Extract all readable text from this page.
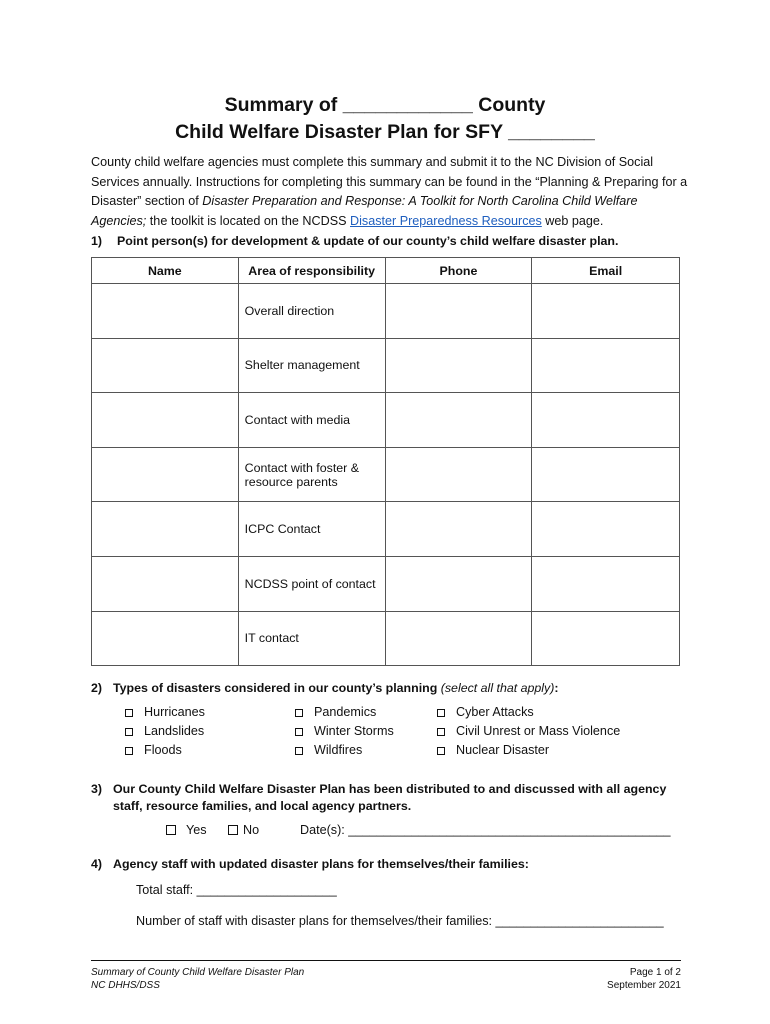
Summary of ____________ County
Child Welfare Disaster Plan for SFY ________
County child welfare agencies must complete this summary and submit it to the NC Division of Social Services annually. Instructions for completing this summary can be found in the “Planning & Preparing for a Disaster” section of Disaster Preparation and Response: A Toolkit for North Carolina Child Welfare Agencies; the toolkit is located on the NCDSS Disaster Preparedness Resources web page.
1) Point person(s) for development & update of our county’s child welfare disaster plan.
Name	Area of responsibility	Phone	Email
	Overall direction		
	Shelter management		
	Contact with media		

	Contact with foster & resource parents		

	ICPC Contact		
	NCDSS point of contact		
	IT contact		
2) Types of disasters considered in our county’s planning (select all that apply):
Hurricanes
Landslides
Floods
Pandemics
Winter Storms
Wildfires
Cyber Attacks
Civil Unrest or Mass Violence
Nuclear Disaster
3) Our County Child Welfare Disaster Plan has been distributed to and discussed with all agency
staff, resource families, and local agency partners.
Yes	No	Date(s): ______________________________________________
4) Agency staff with updated disaster plans for themselves/their families:
Total staff: ____________________
Number of staff with disaster plans for themselves/their families: ________________________
Summary of County Child Welfare Disaster Plan
NC DHHS/DSS
Page 1 of 2
September 2021
